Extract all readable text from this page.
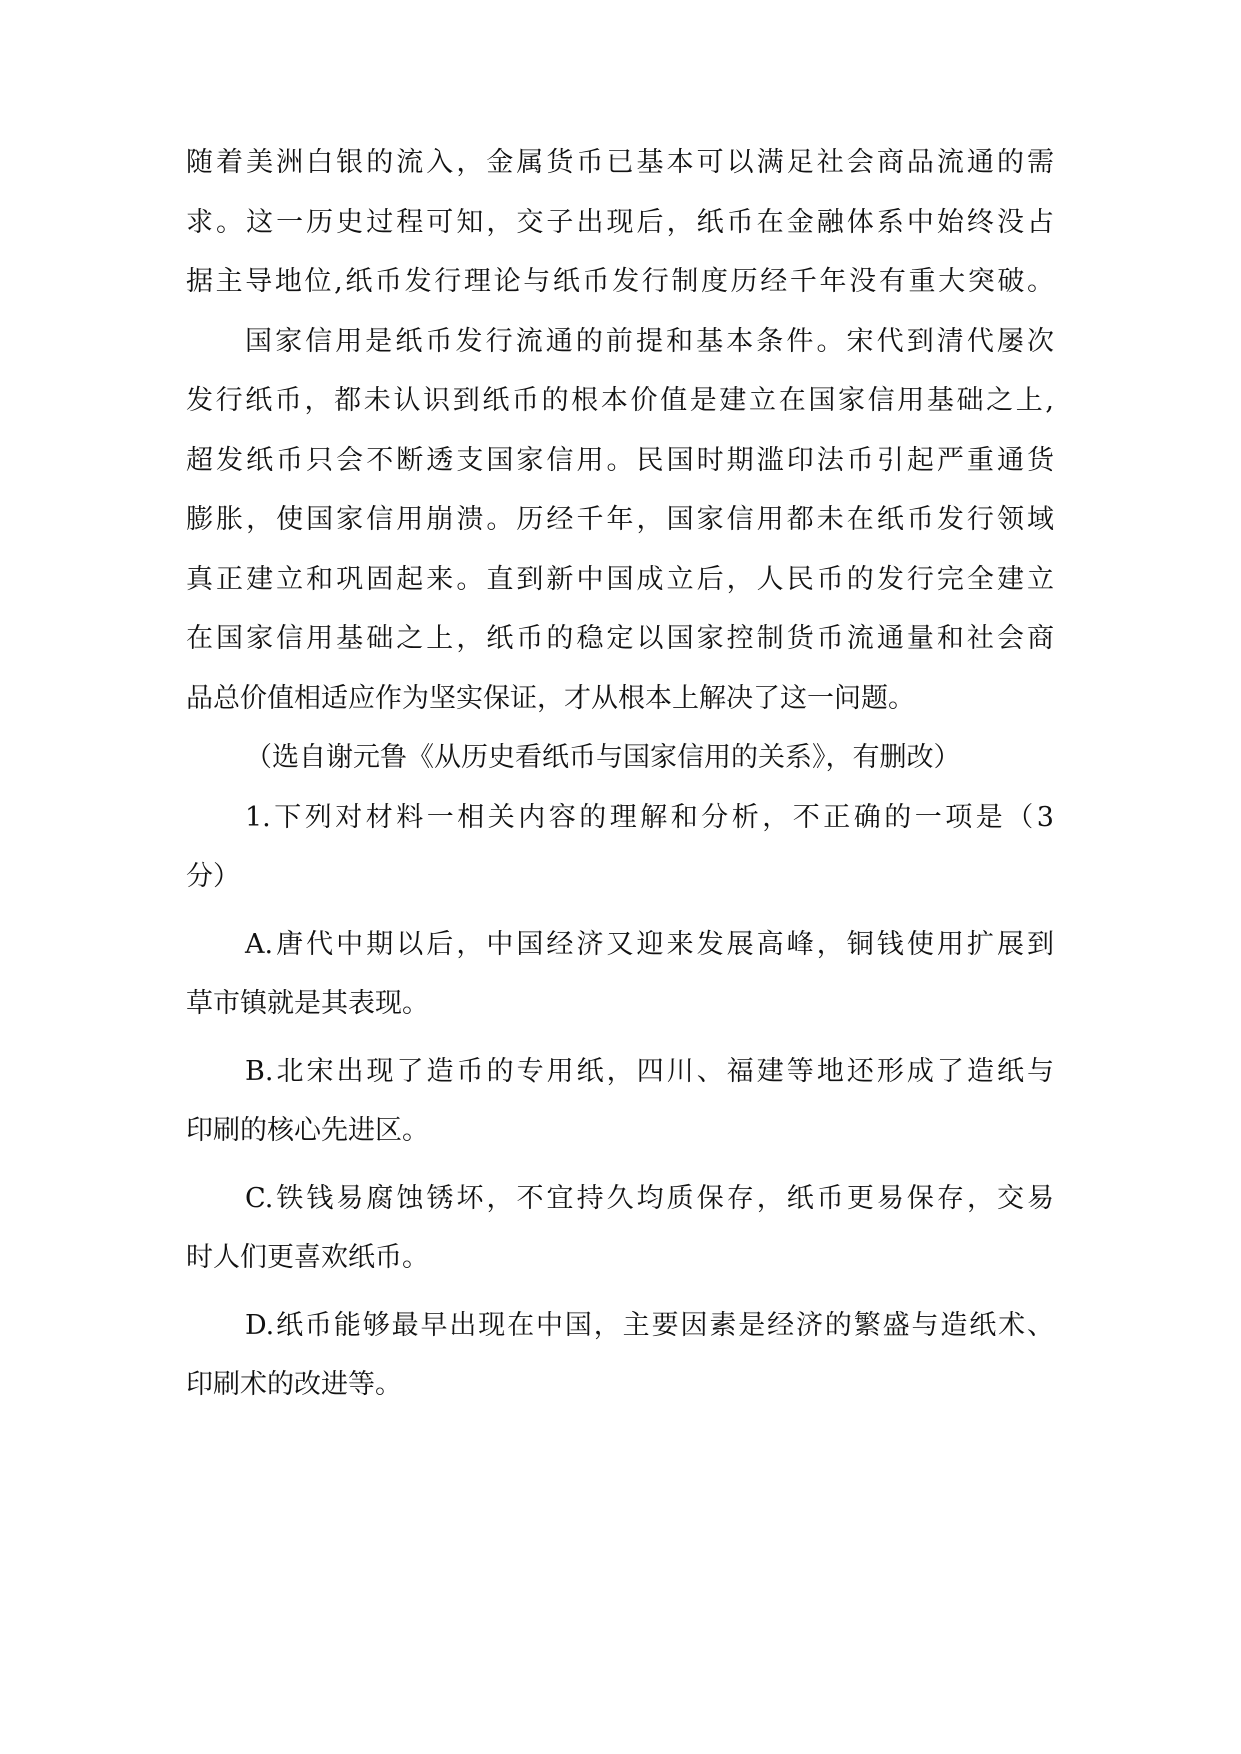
随着美洲白银的流入，金属货币已基本可以满足社会商品流通的需

求。这一历史过程可知，交子出现后，纸币在金融体系中始终没占

据主导地位,纸币发行理论与纸币发行制度历经千年没有重大突破。

国家信用是纸币发行流通的前提和基本条件。宋代到清代屡次

发行纸币，都未认识到纸币的根本价值是建立在国家信用基础之上,

超发纸币只会不断透支国家信用。民国时期滥印法币引起严重通货

膨胀，使国家信用崩溃。历经千年，国家信用都未在纸币发行领域

真正建立和巩固起来。直到新中国成立后，人民币的发行完全建立

在国家信用基础之上，纸币的稳定以国家控制货币流通量和社会商

品总价值相适应作为坚实保证，才从根本上解决了这一问题。

（选自谢元鲁《从历史看纸币与国家信用的关系》，有删改）

1.下列对材料一相关内容的理解和分析，不正确的一项是（3

分）

A.唐代中期以后，中国经济又迎来发展高峰，铜钱使用扩展到

草市镇就是其表现。

B.北宋出现了造币的专用纸，四川、福建等地还形成了造纸与

印刷的核心先进区。

C.铁钱易腐蚀锈坏，不宜持久均质保存，纸币更易保存，交易

时人们更喜欢纸币。

D.纸币能够最早出现在中国，主要因素是经济的繁盛与造纸术、

印刷术的改进等。
